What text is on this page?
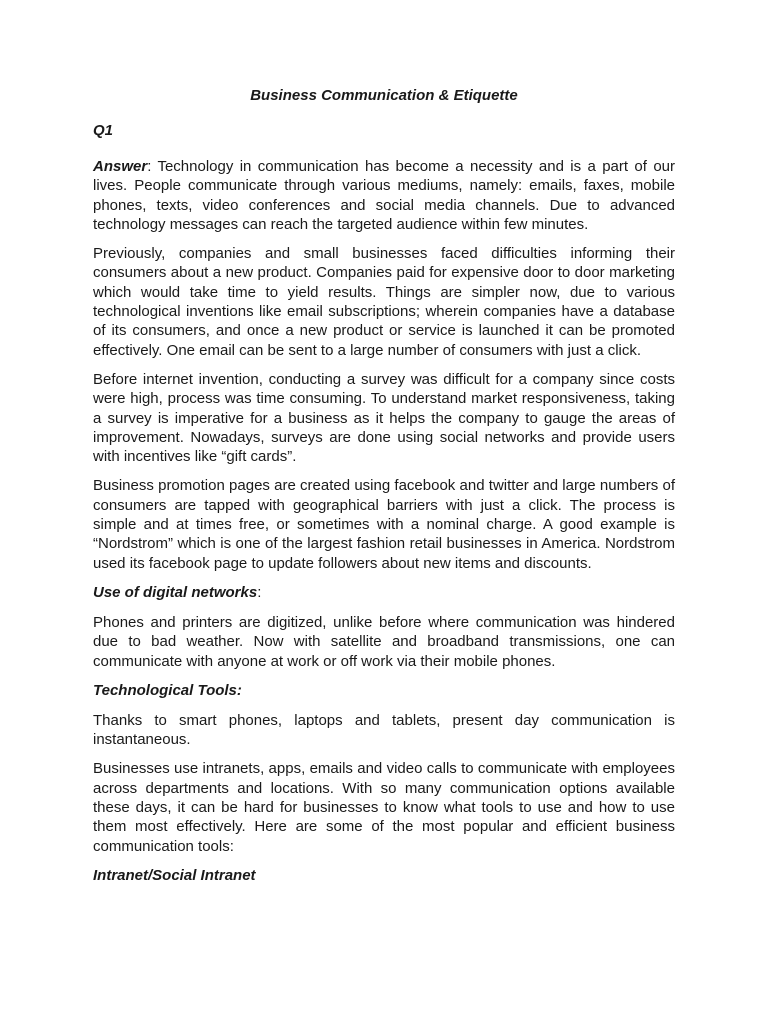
Business Communication & Etiquette
Q1

Answer: Technology in communication has become a necessity and is a part of our lives. People communicate through various mediums, namely: emails, faxes, mobile phones, texts, video conferences and social media channels. Due to advanced technology messages can reach the targeted audience within few minutes.

Previously, companies and small businesses faced difficulties informing their consumers about a new product. Companies paid for expensive door to door marketing which would take time to yield results. Things are simpler now, due to various technological inventions like email subscriptions; wherein companies have a database of its consumers, and once a new product or service is launched it can be promoted effectively. One email can be sent to a large number of consumers with just a click.

Before internet invention, conducting a survey was difficult for a company since costs were high, process was time consuming. To understand market responsiveness, taking a survey is imperative for a business as it helps the company to gauge the areas of improvement. Nowadays, surveys are done using social networks and provide users with incentives like “gift cards”.

Business promotion pages are created using facebook and twitter and large numbers of consumers are tapped with geographical barriers with just a click. The process is simple and at times free, or sometimes with a nominal charge. A good example is “Nordstrom” which is one of the largest fashion retail businesses in America. Nordstrom used its facebook page to update followers about new items and discounts.

Use of digital networks:

Phones and printers are digitized, unlike before where communication was hindered due to bad weather. Now with satellite and broadband transmissions, one can communicate with anyone at work or off work via their mobile phones.

Technological Tools:

Thanks to smart phones, laptops and tablets, present day communication is instantaneous.

Businesses use intranets, apps, emails and video calls to communicate with employees across departments and locations. With so many communication options available these days, it can be hard for businesses to know what tools to use and how to use them most effectively. Here are some of the most popular and efficient business communication tools:

Intranet/Social Intranet
